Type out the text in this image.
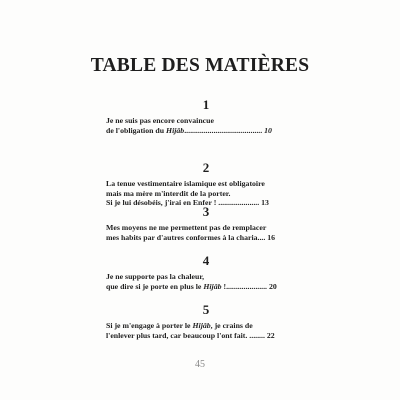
TABLE DES MATIÈRES
1
Je ne suis pas encore convaincue
de l'obligation du Hijâb........................................ 10
2
La tenue vestimentaire islamique est obligatoire
mais ma mère m'interdit de la porter.
Si je lui désobéis, j'irai en Enfer ! ..................... 13
3
Mes moyens ne me permettent pas de remplacer
mes habits par d'autres conformes à la charia.... 16
4
Je ne supporte pas la chaleur,
que dire si je porte en plus le Hijâb !..................... 20
5
Si je m'engage à porter le Hijâb, je crains de
l'enlever plus tard, car beaucoup l'ont fait. ........ 22
45
